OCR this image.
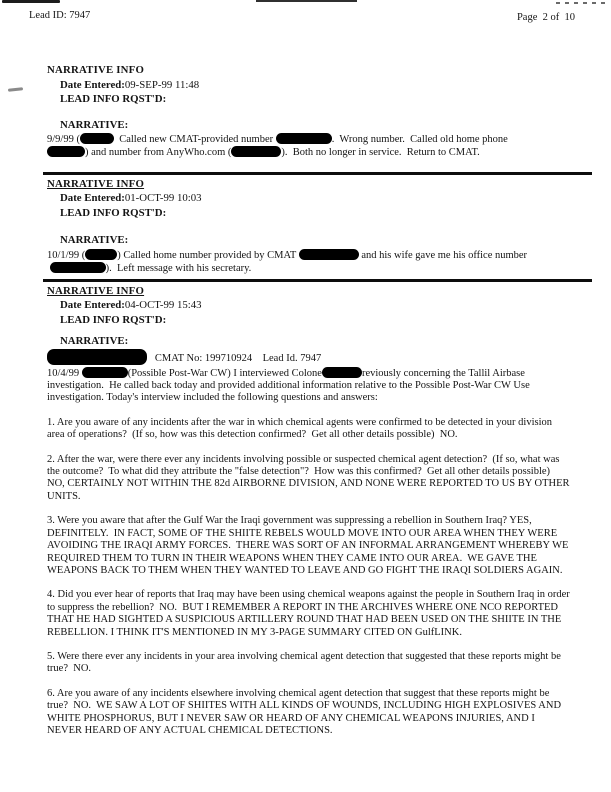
Lead ID: 7947	Page  2 of  10
NARRATIVE INFO
Date Entered:09-SEP-99 11:48
LEAD INFO RQST'D:
NARRATIVE:
9/9/99 (	Called new CMAT-provided number	.  Wrong number.  Called old home phone
) and number from AnyWho.com (	).  Both no longer in service.  Return to CMAT.
NARRATIVE INFO
Date Entered:01-OCT-99 10:03
LEAD INFO RQST'D:
NARRATIVE:
10/1/99 (	) Called home number provided by CMAT	and his wife gave me his office number
).  Left message with his secretary.
NARRATIVE INFO
Date Entered:04-OCT-99 15:43
LEAD INFO RQST'D:
NARRATIVE:
CMAT No: 199710924    Lead Id. 7947
10/4/99	(Possible Post-War CW) I interviewed Colone	reviously concerning the Tallil Airbase investigation.  He called back today and provided additional information relative to the Possible Post-War CW Use investigation. Today's interview included the following questions and answers:
1. Are you aware of any incidents after the war in which chemical agents were confirmed to be detected in your division area of operations?  (If so, how was this detection confirmed?  Get all other details possible)  NO.
2. After the war, were there ever any incidents involving possible or suspected chemical agent detection?  (If so, what was the outcome?  To what did they attribute the "false detection"?  How was this confirmed?  Get all other details possible)  NO, CERTAINLY NOT WITHIN THE 82d AIRBORNE DIVISION, AND NONE WERE REPORTED TO US BY OTHER UNITS.
3. Were you aware that after the Gulf War the Iraqi government was suppressing a rebellion in Southern Iraq? YES, DEFINITELY.  IN FACT, SOME OF THE SHIITE REBELS WOULD MOVE INTO OUR AREA WHEN THEY WERE AVOIDING THE IRAQI ARMY FORCES.  THERE WAS SORT OF AN INFORMAL ARRANGEMENT WHEREBY WE REQUIRED THEM TO TURN IN THEIR WEAPONS WHEN THEY CAME INTO OUR AREA.  WE GAVE THE WEAPONS BACK TO THEM WHEN THEY WANTED TO LEAVE AND GO FIGHT THE IRAQI SOLDIERS AGAIN.
4. Did you ever hear of reports that Iraq may have been using chemical weapons against the people in Southern Iraq in order to suppress the rebellion?  NO.  BUT I REMEMBER A REPORT IN THE ARCHIVES WHERE ONE NCO REPORTED THAT HE HAD SIGHTED A SUSPICIOUS ARTILLERY ROUND THAT HAD BEEN USED ON THE SHIITE IN THE REBELLION. I THINK IT'S MENTIONED IN MY 3-PAGE SUMMARY CITED ON GulfLINK.
5. Were there ever any incidents in your area involving chemical agent detection that suggested that these reports might be true?  NO.
6. Are you aware of any incidents elsewhere involving chemical agent detection that suggest that these reports might be true?  NO.  WE SAW A LOT OF SHIITES WITH ALL KINDS OF WOUNDS, INCLUDING HIGH EXPLOSIVES AND WHITE PHOSPHORUS, BUT I NEVER SAW OR HEARD OF ANY CHEMICAL WEAPONS INJURIES, AND I NEVER HEARD OF ANY ACTUAL CHEMICAL DETECTIONS.
